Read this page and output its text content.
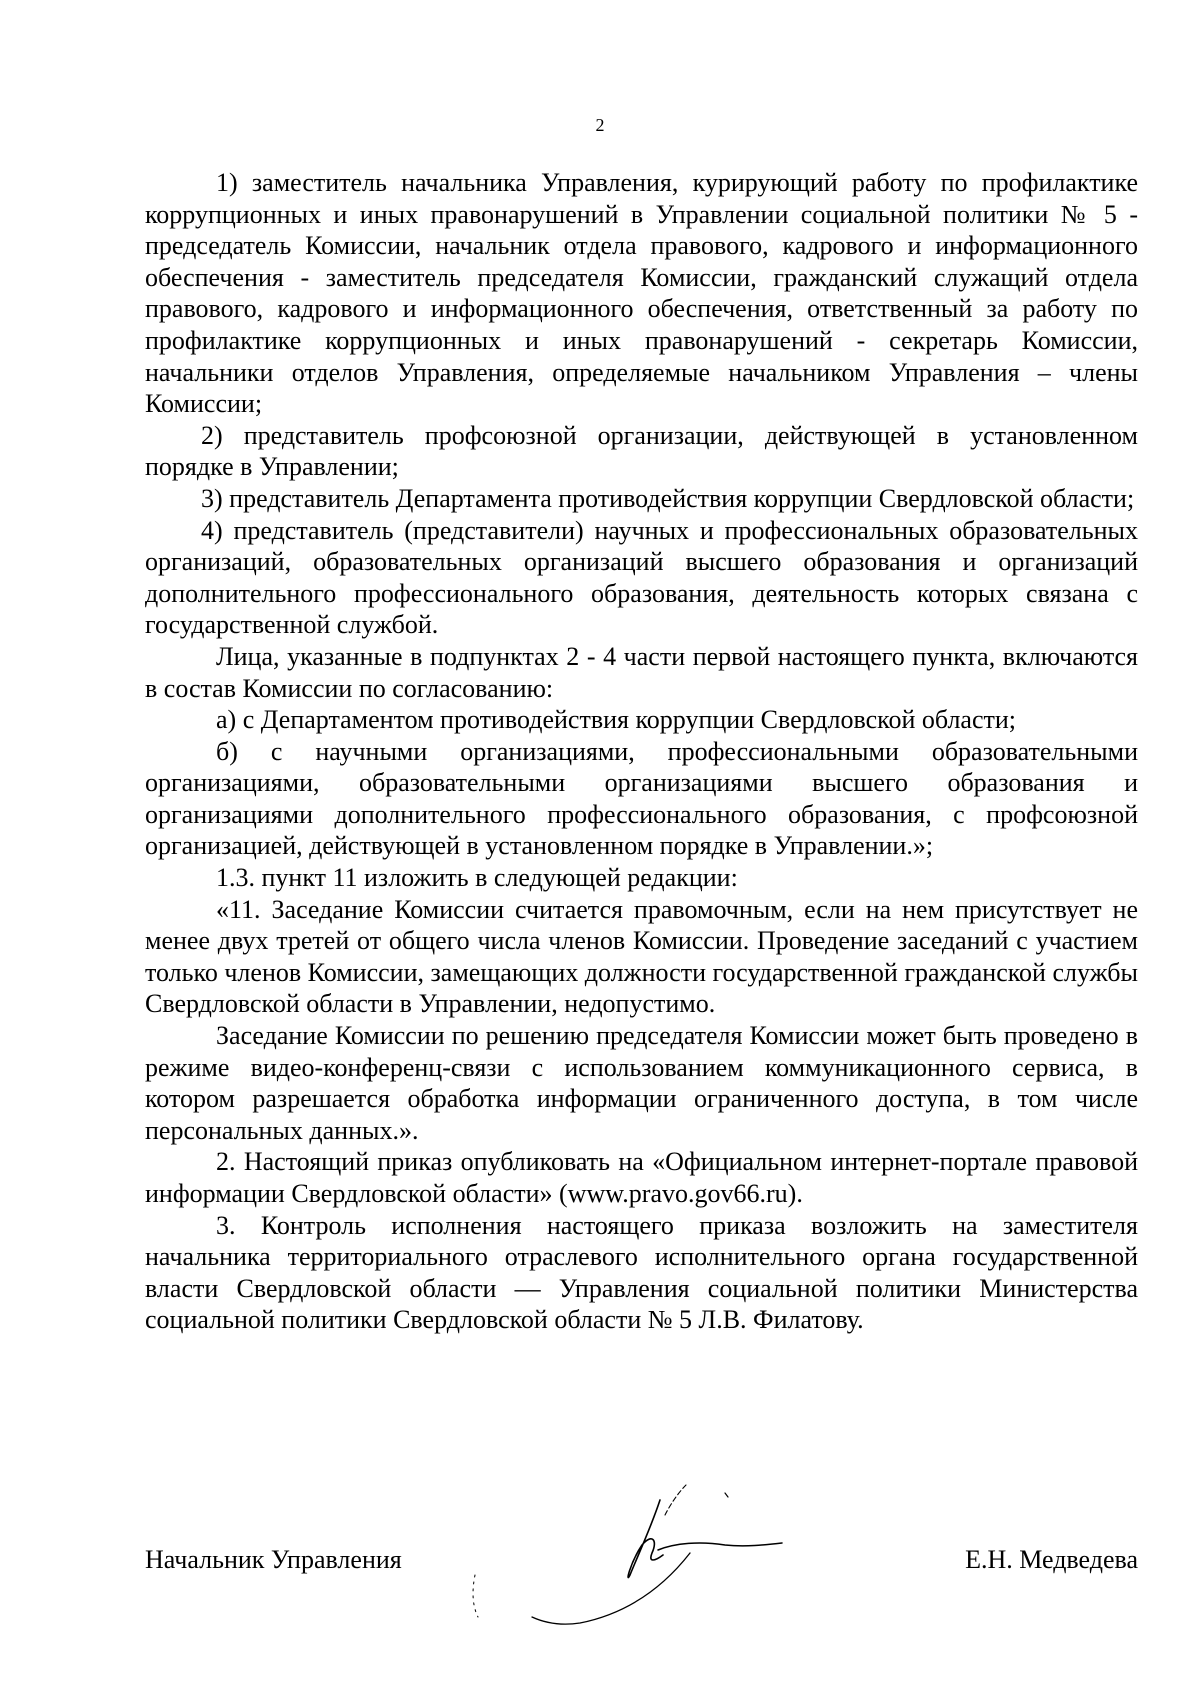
2

1) заместитель начальника Управления, курирующий работу по профилактике коррупционных и иных правонарушений в Управлении социальной политики № 5 - председатель Комиссии, начальник отдела правового, кадрового и информационного обеспечения - заместитель председателя Комиссии, гражданский служащий отдела правового, кадрового и информационного обеспечения, ответственный за работу по профилактике коррупционных и иных правонарушений - секретарь Комиссии, начальники отделов Управления, определяемые начальником Управления – члены Комиссии;

2) представитель профсоюзной организации, действующей в установленном порядке в Управлении;

3) представитель Департамента противодействия коррупции Свердловской области;

4) представитель (представители) научных и профессиональных образовательных организаций, образовательных организаций высшего образования и организаций дополнительного профессионального образования, деятельность которых связана с государственной службой.

Лица, указанные в подпунктах 2 - 4 части первой настоящего пункта, включаются в состав Комиссии по согласованию:

а) с Департаментом противодействия коррупции Свердловской области;

б) с научными организациями, профессиональными образовательными организациями, образовательными организациями высшего образования и организациями дополнительного профессионального образования, с профсоюзной организацией, действующей в установленном порядке в Управлении.»;

1.3. пункт 11 изложить в следующей редакции:

«11. Заседание Комиссии считается правомочным, если на нем присутствует не менее двух третей от общего числа членов Комиссии. Проведение заседаний с участием только членов Комиссии, замещающих должности государственной гражданской службы Свердловской области в Управлении, недопустимо.

Заседание Комиссии по решению председателя Комиссии может быть проведено в режиме видео-конференц-связи с использованием коммуникационного сервиса, в котором разрешается обработка информации ограниченного доступа, в том числе персональных данных.».

2. Настоящий приказ опубликовать на «Официальном интернет-портале правовой информации Свердловской области» (www.pravo.gov66.ru).

3. Контроль исполнения настоящего приказа возложить на заместителя начальника территориального отраслевого исполнительного органа государственной власти Свердловской области — Управления социальной политики Министерства социальной политики Свердловской области № 5 Л.В. Филатову.

Начальник Управления	Е.Н. Медведева
